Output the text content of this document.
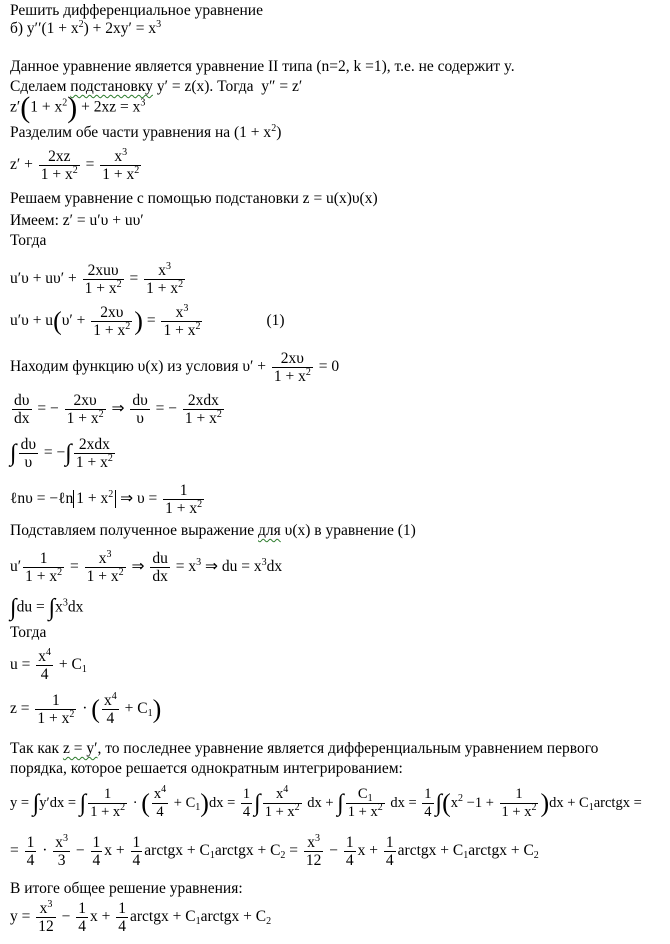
Решить дифференциальное уравнение
б) $y''(1 + x^2) + 2xy' = x^3$
Данное уравнение является уравнение II типа (n=2, k =1), т.е. не содержит y.
Сделаем подстановку y′ = z(x). Тогда  y″ = z′
$z'(1 + x^2) + 2xz = x^3$
Разделим обе части уравнения на $(1 + x^2)$
$z' + \frac{2xz}{1 + x^2} = \frac{x^3}{1 + x^2}$
Решаем уравнение с помощью подстановки z = u(x)υ(x)
Имеем: z′ = u′υ + uυ′
Тогда
$u'\upsilon + u\upsilon' + \frac{\text{2xuυ}}{1 + x^2} = \frac{x^3}{1 + x^2}$
$u'\upsilon + u(\upsilon' + \frac{2x\upsilon}{1 + x^2}$ ) = $\frac{x^3}{1 + x^2}$	(1)
Находим функцию υ(x) из условия $\upsilon' + \frac{2x\upsilon}{1 + x^2} = 0$
$\frac{d\upsilon}{dx}$ = − $\frac{2x\upsilon}{1 + x^2}$ ⇒ $\frac{d\upsilon}{\upsilon}$ = − $\frac{\text{2xdx}}{1 + x^2}$
∫ $\frac{d\upsilon}{\upsilon}$ = −∫ $\frac{\text{2xdx}}{1 + x^2}$
ℓnυ = −ℓn $1 + x^2$ ⇒ $\upsilon = \frac{1}{1 + x^2}$
Подставляем полученное выражение для υ(x) в уравнение (1)
$u' \frac{1}{1 + x^2} = \frac{x^3}{1 + x^2}$ ⇒ $\frac{du}{dx} = x^3$ ⇒ du = $x^3dx$
$\int du = \int x^3dx$
Тогда
$u = \frac{x^4}{4} + C_1$
$z = \frac{1}{1 + x^2}$ · ( $\frac{x^4}{4} + C_1$)
Так как z = y′, то последнее уравнение является дифференциальным уравнением первого
порядка, которое решается однократным интегрированием:
y = ∫y′dx = ∫ $\frac{1}{1 + x^2}$ · ( $\frac{x^4}{4} + C_1)dx = \frac{1}{4}$ ∫ $\frac{x^4}{1 + x^2}$ dx + ∫ $\frac{C_1}{1 + x^2}$ dx = $\frac{1}{4} \int(x^2 -1 + \frac{1}{1 + x^2} )dx$ + $C_1arctgx$ =
= $\frac{1}{4} \cdot \frac{x^3}{3} - \frac{1}{4}$ $x + \frac{1}{4}$ arctgx + $C_1arctgx + C_2 = \frac{x^3}{12} - \frac{1}{4}$ $x + \frac{1}{4}$ arctgx + $C_1arctgx + C_2$
В итоге общее решение уравнения:
$y = \frac{x^3}{12} - \frac{1}{4}$ $x + \frac{1}{4}$ arctgx + $C_1arctgx + C_2$
